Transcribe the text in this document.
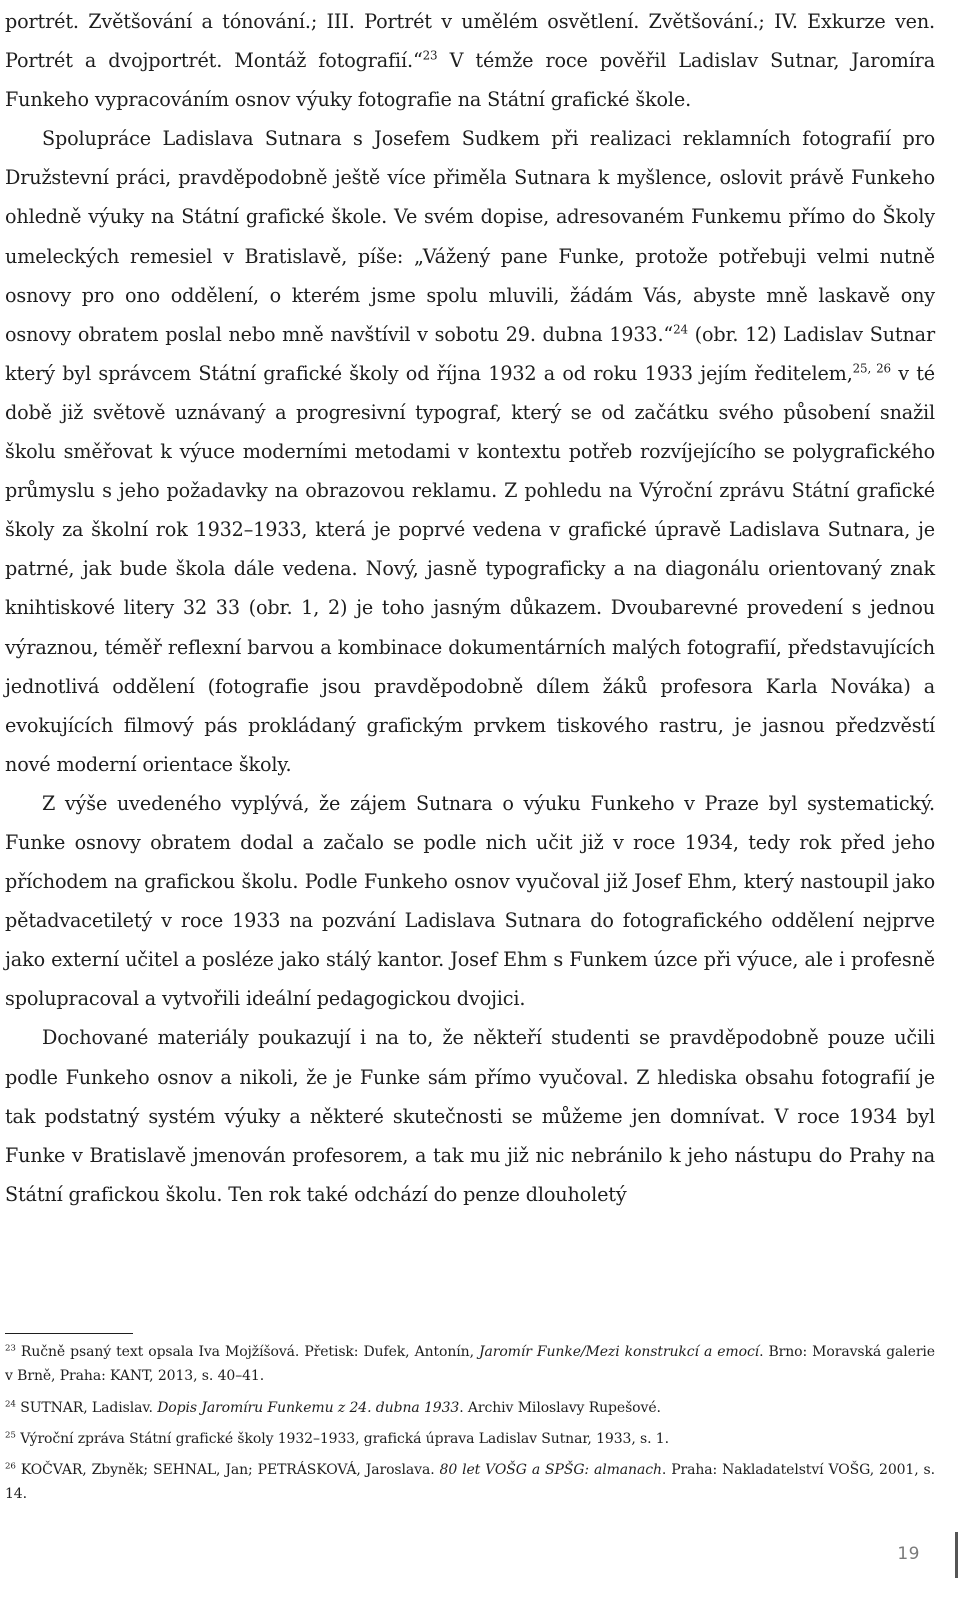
portrét. Zvětšování a tónování.; III. Portrét v umělém osvětlení. Zvětšování.; IV. Exkurze ven. Portrét a dvojportrét. Montáž fotografií.“$^{23}$ V témže roce pověřil Ladislav Sutnar, Jaromíra Funkeho vypracováním osnov výuky fotografie na Státní grafické škole.

Spolupráce Ladislava Sutnara s Josefem Sudkem při realizaci reklamních fotografií pro Družstevní práci, pravděpodobně ještě více přiměla Sutnara k myšlence, oslovit právě Funkeho ohledně výuky na Státní grafické škole. Ve svém dopise, adresovaném Funkemu přímo do Školy umeleckých remesiel v Bratislavě, píše: „Vážený pane Funke, protože potřebuji velmi nutně osnovy pro ono oddělení, o kterém jsme spolu mluvili, žádám Vás, abyste mně laskavě ony osnovy obratem poslal nebo mně navštívil v sobotu 29. dubna 1933.“$^{24}$ (obr. 12) Ladislav Sutnar který byl správcem Státní grafické školy od října 1932 a od roku 1933 jejím ředitelem,$^{25, 26}$ v té době již světově uznávaný a progresivní typograf, který se od začátku svého působení snažil školu směřovat k výuce moderními metodami v kontextu potřeb rozvíjejícího se polygrafického průmyslu s jeho požadavky na obrazovou reklamu. Z pohledu na Výroční zprávu Státní grafické školy za školní rok 1932–1933, která je poprvé vedena v grafické úpravě Ladislava Sutnara, je patrné, jak bude škola dále vedena. Nový, jasně typograficky a na diagonálu orientovaný znak knihtiskové litery 32 33 (obr. 1, 2) je toho jasným důkazem. Dvoubarevné provedení s jednou výraznou, téměř reflexní barvou a kombinace dokumentárních malých fotografií, představujících jednotlivá oddělení (fotografie jsou pravděpodobně dílem žáků profesora Karla Nováka) a evokujících filmový pás prokládaný grafickým prvkem tiskového rastru, je jasnou předzvěstí nové moderní orientace školy.

Z výše uvedeného vyplývá, že zájem Sutnara o výuku Funkeho v Praze byl systematický. Funke osnovy obratem dodal a začalo se podle nich učit již v roce 1934, tedy rok před jeho příchodem na grafickou školu. Podle Funkeho osnov vyučoval již Josef Ehm, který nastoupil jako pětadvacetiletý v roce 1933 na pozvání Ladislava Sutnara do fotografického oddělení nejprve jako externí učitel a posléze jako stálý kantor. Josef Ehm s Funkem úzce při výuce, ale i profesně spolupracoval a vytvořili ideální pedagogickou dvojici.

Dochované materiály poukazují i na to, že někteří studenti se pravděpodobně pouze učili podle Funkeho osnov a nikoli, že je Funke sám přímo vyučoval. Z hlediska obsahu fotografií je tak podstatný systém výuky a některé skutečnosti se můžeme jen domnívat. V roce 1934 byl Funke v Bratislavě jmenován profesorem, a tak mu již nic nebránilo k jeho nástupu do Prahy na Státní grafickou školu. Ten rok také odchází do penze dlouholetý

$^{23}$ Ručně psaný text opsala Iva Mojžíšová. Přetisk: Dufek, Antonín, Jaromír Funke/Mezi konstrukcí a emocí. Brno: Moravská galerie v Brně, Praha: KANT, 2013, s. 40–41.

$^{24}$ SUTNAR, Ladislav. Dopis Jaromíru Funkemu z 24. dubna 1933. Archiv Miloslavy Rupešové.

$^{25}$ Výroční zpráva Státní grafické školy 1932–1933, grafická úprava Ladislav Sutnar, 1933, s. 1.

$^{26}$ KOČVAR, Zbyněk; SEHNAL, Jan; PETRÁSKOVÁ, Jaroslava. 80 let VOŠG a SPŠG: almanach. Praha: Nakladatelství VOŠG, 2001, s. 14.

19
